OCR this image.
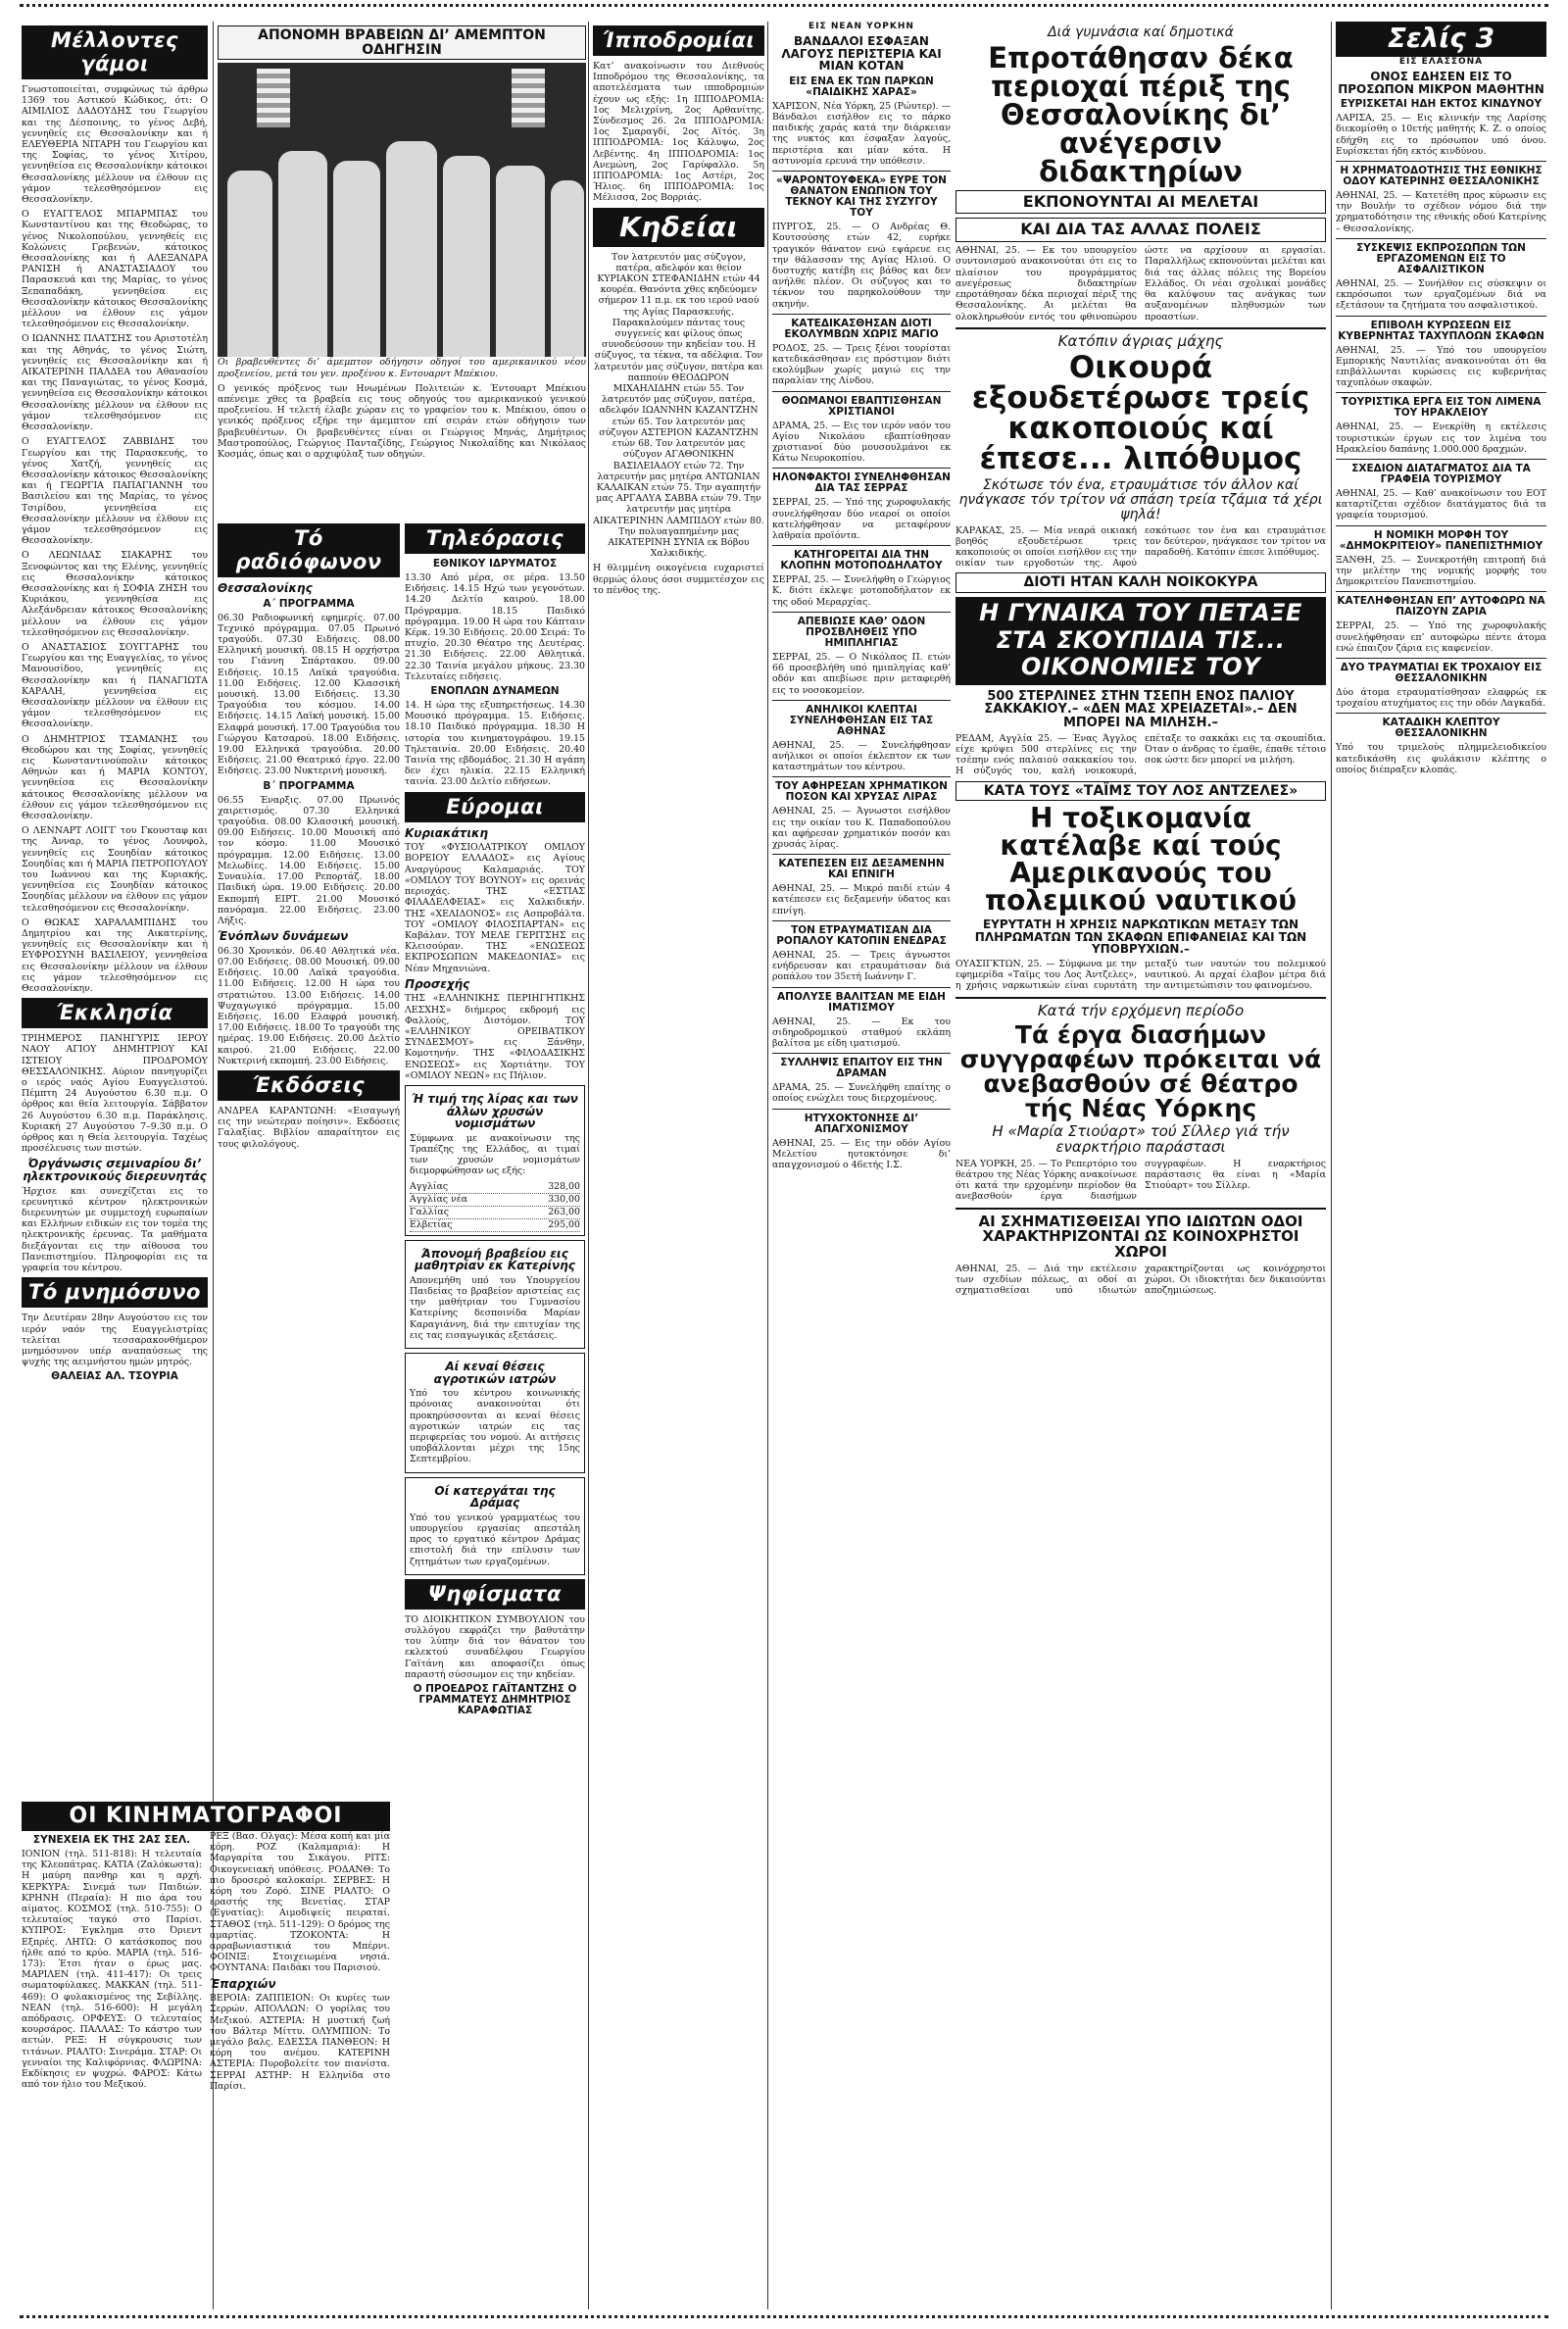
Μέλλοντες γάμοι

Γνωστοποιείται, συμφώνως τώ άρθρω 1369 του Αστικού Κώδικος, ότι: Ο ΑΙΜΙΛΙΟΣ ΔΑΔΟΥΔΗΣ του Γεωργίου και της Δέσποινης, το γένος Δεβή, γεννηθείς εις Θεσσαλονίκην και ή ΕΛΕΥΘΕΡΙΑ ΝΙΤΑΡΗ του Γεωργίου και της Σοφίας, το γένος Χιτίρου, γεννηθείσα εις Θεσσαλονίκην κάτοικοι Θεσσαλονίκης μέλλουν να έλθουν εις γάμον τελεσθησόμενον εις Θεσσαλονίκην.

Ο ΕΥΑΓΓΕΛΟΣ ΜΠΑΡΜΠΑΣ του Κωνσταντίνου και της Θεοδώρας, το γένος Νικολοπούλου, γεννηθείς εις Κολώνεις Γρεβενών, κάτοικος Θεσσαλονίκης και ή ΑΛΕΞΑΝΔΡΑ ΡΑΝΙΣΗ ή ΑΝΑΣΤΑΣΙΑΔΟΥ του Παρασκευά και της Μαρίας, το γένος Ξεπαπαδάκη, γεννηθείσα εις Θεσσαλονίκην κάτοικος Θεσσαλονίκης μέλλουν να έλθουν εις γάμον τελεσθησόμενον εις Θεσσαλονίκην.

Ο ΙΩΑΝΝΗΣ ΠΛΑΤΣΗΣ του Αριστοτέλη και της Αθηνάς, το γένος Σιώτη, γεννηθείς εις Θεσσαλονίκην και ή ΑΙΚΑΤΕΡΙΝΗ ΠΑΛΔΕΑ του Αθανασίου και της Παναγιώτας, το γένος Κοσμά, γεννηθείσα εις Θεσσαλονίκην κάτοικοι Θεσσαλονίκης μέλλουν να έλθουν εις γάμον τελεσθησόμενον εις Θεσσαλονίκην.

Ο ΕΥΑΓΓΕΛΟΣ ΖΑΒΒΙΔΗΣ του Γεωργίου και της Παρασκευής, το γένος Χατζή, γεννηθείς εις Θεσσαλονίκην κάτοικος Θεσσαλονίκης και ή ΓΕΩΡΓΙΑ ΠΑΠΑΓΙΑΝΝΗ του Βασιλείου και της Μαρίας, το γένος Τσιρίδου, γεννηθείσα εις Θεσσαλονίκην μέλλουν να έλθουν εις γάμον τελεσθησόμενον εις Θεσσαλονίκην.

Ο ΛΕΩΝΙΔΑΣ ΣΙΑΚΑΡΗΣ του Ξενοφώντος και της Ελένης, γεννηθείς εις Θεσσαλονίκην κάτοικος Θεσσαλονίκης και ή ΣΟΦΙΑ ΖΗΣΗ του Κυριάκου, γεννηθείσα εις Αλεξάνδρειαν κάτοικος Θεσσαλονίκης μέλλουν να έλθουν εις γάμον τελεσθησόμενον εις Θεσσαλονίκην.

Ο ΑΝΑΣΤΑΣΙΟΣ ΣΟΥΓΓΑΡΗΣ του Γεωργίου και της Ευαγγελίας, το γένος Μανουσίδου, γεννηθείς εις Θεσσαλονίκην και ή ΠΑΝΑΓΙΩΤΑ ΚΑΡΑΛΗ, γεννηθείσα εις Θεσσαλονίκην μέλλουν να έλθουν εις γάμον τελεσθησόμενον εις Θεσσαλονίκην.

Ο ΔΗΜΗΤΡΙΟΣ ΤΣΑΜΑΝΗΣ του Θεοδώρου και της Σοφίας, γεννηθείς εις Κωνσταντινούπολιν κάτοικος Αθηνών και ή ΜΑΡΙΑ ΚΟΝΤΟΥ, γεννηθείσα εις Θεσσαλονίκην κάτοικος Θεσσαλονίκης μέλλουν να έλθουν εις γάμον τελεσθησόμενον εις Θεσσαλονίκην.

Ο ΛΕΝΝΑΡΤ ΛΟΙΓΓ του Γκουσταφ και της Άνναρ, το γένος Λουνφολ, γεννηθείς εις Σουηδίαν κάτοικος Σουηδίας και ή ΜΑΡΙΑ ΠΕΤΡΟΠΟΥΛΟΥ του Ιωάννου και της Κυριακής, γεννηθείσα εις Σουηδίαν κάτοικος Σουηδίας μέλλουν να έλθουν εις γάμον τελεσθησόμενον εις Θεσσαλονίκην.

Ο ΘΩΚΑΣ ΧΑΡΑΛΑΜΠΙΔΗΣ του Δημητρίου και της Αικατερίνης, γεννηθείς εις Θεσσαλονίκην και ή ΕΥΦΡΟΣΥΝΗ ΒΑΣΙΛΕΙΟΥ, γεννηθείσα εις Θεσσαλονίκην μέλλουν να έλθουν εις γάμον τελεσθησόμενον εις Θεσσαλονίκην.

Έκκλησία

ΤΡΙΗΜΕΡΟΣ ΠΑΝΗΓΥΡΙΣ ΙΕΡΟΥ ΝΑΟΥ ΑΓΙΟΥ ΔΗΜΗΤΡΙΟΥ ΚΑΙ ΙΣΤΕΙΟΥ ΠΡΟΔΡΟΜΟΥ ΘΕΣΣΑΛΟΝΙΚΗΣ. Αύριον πανηγυρίζει ο ιερός ναός Αγίου Ευαγγελιστού. Πέμπτη 24 Αυγούστου 6.30 π.μ. Ο όρθρος και θεία λειτουργία. Σάββατον 26 Αυγούστου 6.30 π.μ. Παράκλησις. Κυριακή 27 Αυγούστου 7–9.30 π.μ. Ο όρθρος και η Θεία λειτουργία. Ταχέως προσέλευσις των πιστών.

Όργάνωσις σεμιναρίου δι’ ηλεκτρονικούς διερευνητάς

Ήρχισε και συνεχίζεται εις το ερευνητικό κέντρον ηλεκτρονικών διερευνητών με συμμετοχή ευρωπαίων και Ελλήνων ειδικών εις τον τομέα της ηλεκτρονικής έρευνας. Τα μαθήματα διεξάγονται εις την αίθουσα του Πανεπιστημίου. Πληροφορίαι εις τα γραφεία του κέντρου.

Τό μνημόσυνο

Την Δευτέραν 28ην Αυγούστου εις τον ιερόν ναόν της Ευαγγελιστρίας τελείται τεσσαρακονθήμερον μνημόσυνον υπέρ αναπαύσεως της ψυχής της αειμνήστου ημών μητρός.

ΘΑΛΕΙΑΣ ΑΛ. ΤΣΟΥΡΙΑ
ΟΙ ΚΙΝΗΜΑΤΟΓΡΑΦΟΙ
ΣΥΝΕΧΕΙΑ ΕΚ ΤΗΣ 2ΑΣ ΣΕΛ.

ΙΟΝΙΟΝ (τηλ. 511-818): Η τελευταία της Κλεοπάτρας. ΚΑΤΙΑ (Ζαλόκωστα): Η μαύρη πανθηρ και η αρχή. ΚΕΡΚΥΡΑ: Σινεμά των Παιδιών. ΚΡΗΝΗ (Περαία): Η πιο άρα του αίματος. ΚΟΣΜΟΣ (τηλ. 510-755): Ο τελευταίος ταγκό στο Παρίσι. ΚΥΠΡΟΣ: Έγκλημα στο Όριεντ Εξπρές. ΛΗΤΩ: Ο κατάσκοπος που ήλθε από το κρύο. ΜΑΡΙΑ (τηλ. 516-173): Έτσι ήταν ο έρως μας. ΜΑΡΙΛΕΝ (τηλ. 411-417): Οι τρεις σωματοφύλακες. ΜΑΚΚΑΝ (τηλ. 511-469): Ο φυλακισμένος της Σεβίλλης. ΝΕΑΝ (τηλ. 516-600): Η μεγάλη απόδρασις. ΟΡΦΕΥΣ: Ο τελευταίος κουρσάρος. ΠΑΛΛΑΣ: Το κάστρο των αετών. ΡΕΞ: Η σύγκρουσις των τιτάνων. ΡΙΑΛΤΟ: Σινεράμα. ΣΤΑΡ: Οι γενναίοι της Καλιφόρνιας. ΦΛΩΡΙΝΑ: Εκδίκησις εν ψυχρώ. ΦΑΡΟΣ: Κάτω από τον ήλιο του Μεξικού.

ΡΕΞ (Βασ. Ολγας): Μέσα κοπή και μία κόρη. ΡΟΖ (Καλαμαριά): Η Μαργαρίτα του Σικάγου. ΡΙΤΣ: Οικογενειακή υπόθεσις. ΡΟΔΑΝΘ: Το πιο δροσερό καλοκαίρι. ΣΕΡΒΕΣ: Η κόρη του Ζορό. ΣΙΝΕ ΡΙΑΛΤΟ: Ο εραστής της Βενετίας. ΣΤΑΡ (Εγνατίας): Αιμοδιψείς πειραταί. ΣΤΑΘΟΣ (τηλ. 511-129): Ο δρόμος της αμαρτίας. ΤΖΟΚΟΝΤΑ: Η αρραβωνιαστικιά του Μπέρνι. ΦΟΙΝΙΞ: Στοιχειωμένα νησιά. ΦΟΥΝΤΑΝΑ: Παιδάκι του Παρισιού.

Έπαρχιών

ΒΕΡΟΙΑ: ΖΑΠΠΕΙΟΝ: Οι κυρίες των Σερρών. ΑΠΟΛΛΩΝ: Ο γορίλας του Μεξικού. ΑΣΤΕΡΙΑ: Η μυστική ζωή του Βάλτερ Μίττυ. ΟΛΥΜΠΙΟΝ: Το μεγάλο βαλς. ΕΔΕΣΣΑ ΠΑΝΘΕΟΝ: Η κόρη του ανέμου. ΚΑΤΕΡΙΝΗ ΑΣΤΕΡΙΑ: Πυροβολείτε τον πιανίστα. ΣΕΡΡΑΙ ΑΣΤΗΡ: Η Ελληνίδα στο Παρίσι.

ΑΠΟΝΟΜΗ ΒΡΑΒΕΙΩΝ ΔΙ’ ΑΜΕΜΠΤΟΝ ΟΔΗΓΗΣΙΝ

Οι βραβευθέντες δι’ άμεμπτον οδήγησιν οδηγοί του αμερικανικού νέου προξενείου, μετά του γεν. προξένου κ. Εντουαρντ Μπέκιου.

Ο γενικός πρόξενος των Ηνωμένων Πολιτειών κ. Έντουαρτ Μπέκιου απένειμε χθες τα βραβεία εις τους οδηγούς του αμερικανικού γενικού προξενείου. Η τελετή έλαβε χώραν εις το γραφείον του κ. Μπέκιου, όπου ο γενικός πρόξενος εξήρε την άμεμπτον επί σειράν ετών οδήγησιν των βραβευθέντων. Οι βραβευθέντες είναι οι Γεώργιος Μηνάς, Δημήτριος Μαστροπούλος, Γεώργιος Πανταζίδης, Γεώργιος Νικολαΐδης και Νικόλαος Κοσμάς, όπως και ο αρχιφύλαξ των οδηγών.

Τό ραδιόφωνον
Θεσσαλονίκης
Α΄ ΠΡΟΓΡΑΜΜΑ

06.30 Ραδιοφωνική εφημερίς. 07.00 Τεχνικό πρόγραμμα. 07.05 Πρωινό τραγούδι. 07.30 Ειδήσεις. 08.00 Ελληνική μουσική. 08.15 Η ορχήστρα του Γιάννη Σπάρτακου. 09.00 Ειδήσεις. 10.15 Λαϊκά τραγούδια. 11.00 Ειδήσεις. 12.00 Κλασσική μουσική. 13.00 Ειδήσεις. 13.30 Τραγούδια του κόσμου. 14.00 Ειδήσεις. 14.15 Λαϊκή μουσική. 15.00 Ελαφρά μουσική. 17.00 Τραγούδια του Γιώργου Κατσαρού. 18.00 Ειδήσεις. 19.00 Ελληνικά τραγούδια. 20.00 Ειδήσεις. 21.00 Θεατρικό έργο. 22.00 Ειδήσεις. 23.00 Νυκτερινή μουσική.

Β΄ ΠΡΟΓΡΑΜΜΑ

06.55 Έναρξις. 07.00 Πρωινός χαιρετισμός. 07.30 Ελληνικά τραγούδια. 08.00 Κλασσική μουσική. 09.00 Ειδήσεις. 10.00 Μουσική από τον κόσμο. 11.00 Μουσικό πρόγραμμα. 12.00 Ειδήσεις. 13.00 Μελωδίες. 14.00 Ειδήσεις. 15.00 Συναυλία. 17.00 Ρεπορτάζ. 18.00 Παιδική ώρα. 19.00 Ειδήσεις. 20.00 Εκπομπή ΕΙΡΤ. 21.00 Μουσικό πανόραμα. 22.00 Ειδήσεις. 23.00 Λήξις.

Ένόπλων δυνάμεων

06.30 Χρονικόν. 06.40 Αθλητικά νέα. 07.00 Ειδήσεις. 08.00 Μουσική. 09.00 Ειδήσεις. 10.00 Λαϊκά τραγούδια. 11.00 Ειδήσεις. 12.00 Η ώρα του στρατιώτου. 13.00 Ειδήσεις. 14.00 Ψυχαγωγικό πρόγραμμα. 15.00 Ειδήσεις. 16.00 Ελαφρά μουσική. 17.00 Ειδήσεις. 18.00 Το τραγούδι της ημέρας. 19.00 Ειδήσεις. 20.00 Δελτίο καιρού. 21.00 Ειδήσεις. 22.00 Νυκτερινή εκπομπή. 23.00 Ειδήσεις.

Έκδόσεις

ΑΝΔΡΕΑ ΚΑΡΑΝΤΩΝΗ: «Εισαγωγή εις την νεώτεραν ποίησιν». Εκδόσεις Γαλαξίας. Βιβλίον απαραίτητον εις τους φιλολόγους.

Τηλεόρασις
ΕΘΝΙΚΟΥ ΙΔΡΥΜΑΤΟΣ

13.30 Από μέρα, σε μέρα. 13.50 Ειδήσεις. 14.15 Ηχώ των γεγονότων. 14.20 Δελτίο καιρού. 18.00 Πρόγραμμα. 18.15 Παιδικό πρόγραμμα. 19.00 Η ώρα του Κάπταιν Κέρκ. 19.30 Ειδήσεις. 20.00 Σειρά: Το πτυχίο. 20.30 Θέατρο της Δευτέρας. 21.30 Ειδήσεις. 22.00 Αθλητικά. 22.30 Ταινία μεγάλου μήκους. 23.30 Τελευταίες ειδήσεις.

ΕΝΟΠΛΩΝ ΔΥΝΑΜΕΩΝ

14. Η ώρα της εξυπηρετήσεως. 14.30 Μουσικό πρόγραμμα. 15. Ειδήσεις. 18.10 Παιδικό πρόγραμμα. 18.30 Η ιστορία του κινηματογράφου. 19.15 Τηλεταινία. 20.00 Ειδήσεις. 20.40 Ταινία της εβδομάδος. 21.30 Η αγάπη δεν έχει ηλικία. 22.15 Ελληνική ταινία. 23.00 Δελτίο ειδήσεων.

Εύρομαι
Κυριακάτικη

ΤΟΥ «ΦΥΣΙΟΛΑΤΡΙΚΟΥ ΟΜΙΛΟΥ ΒΟΡΕΙΟΥ ΕΛΛΑΔΟΣ» εις Αγίους Αναργύρους Καλαμαριάς. ΤΟΥ «ΟΜΙΛΟΥ ΤΟΥ ΒΟΥΝΟΥ» εις ορεινάς περιοχάς. ΤΗΣ «ΕΣΤΙΑΣ ΦΙΛΑΔΕΛΦΕΙΑΣ» εις Χαλκιδικήν. ΤΗΣ «ΧΕΛΙΔΟΝΟΣ» εις Ασπροβάλτα. ΤΟΥ «ΟΜΙΛΟΥ ΦΙΛΟΣΠΑΡΤΑΝ» εις Καβάλαν. ΤΟΥ ΜΕΛΕ ΓΕΡΙΤΣΗΣ εις Κλεισούραν. ΤΗΣ «ΕΝΩΣΕΩΣ ΕΚΠΡΟΣΩΠΩΝ ΜΑΚΕΔΟΝΙΑΣ» εις Νέαν Μηχανιώνα.

Προσεχής

ΤΗΣ «ΕΛΛΗΝΙΚΗΣ ΠΕΡΙΗΓΗΤΙΚΗΣ ΛΕΣΧΗΣ» διήμερος εκδρομή εις Φαλλούς, Διστόμον. ΤΟΥ «ΕΛΛΗΝΙΚΟΥ ΟΡΕΙΒΑΤΙΚΟΥ ΣΥΝΔΕΣΜΟΥ» εις Ξάνθην, Κομοτηνήν. ΤΗΣ «ΦΙΛΟΔΑΣΙΚΗΣ ΕΝΩΣΕΩΣ» εις Χορτιάτην. ΤΟΥ «ΟΜΙΛΟΥ ΝΕΩΝ» εις Πήλιον.

Ή τιμή της λίρας και των άλλων χρυσών νομισμάτων

Σύμφωνα με ανακοίνωσιν της Τραπέζης της Ελλάδος, αι τιμαί των χρυσών νομισμάτων διεμορφώθησαν ως εξής:

Αγγλίας	328,00
Αγγλίας νέα	330,00
Γαλλίας	263,00
Ελβετίας	295,00
Άπονομή βραβείου εις μαθητρίαν εκ Κατερίνης

Απονεμήθη υπό του Υπουργείου Παιδείας το βραβείον αριστείας εις την μαθήτριαν του Γυμνασίου Κατερίνης δεσποινίδα Μαρίαν Καραγιάννη, διά την επιτυχίαν της εις τας εισαγωγικάς εξετάσεις.

Αί κεναί θέσεις αγροτικών ιατρών

Υπό του κέντρου κοινωνικής πρόνοιας ανακοινούται ότι προκηρύσσονται αι κεναί θέσεις αγροτικών ιατρών εις τας περιφερείας του νομού. Αι αιτήσεις υποβάλλονται μέχρι της 15ης Σεπτεμβρίου.

Οί κατεργάται της Δράμας

Υπό του γενικού γραμματέως του υπουργείου εργασίας απεστάλη προς το εργατικό κέντρον Δράμας επιστολή διά την επίλυσιν των ζητημάτων των εργαζομένων.

Ψηφίσματα

ΤΟ ΔΙΟΙΚΗΤΙΚΟΝ ΣΥΜΒΟΥΛΙΟΝ του συλλόγου εκφράζει την βαθυτάτην του λύπην διά τον θάνατον του εκλεκτού συναδέλφου Γεωργίου Γαϊτάνη και αποφασίζει όπως παραστή σύσσωμον εις την κηδείαν.

Ο ΠΡΟΕΔΡΟΣ ΓΑΪΤΑΝΤΖΗΣ Ο ΓΡΑΜΜΑΤΕΥΣ ΔΗΜΗΤΡΙΟΣ ΚΑΡΑΦΩΤΙΑΣ
Ίπποδρομίαι

Κατ’ ανακοίνωσιν του Διεθνούς Ιπποδρόμου της Θεσσαλονίκης, τα αποτελέσματα των ιπποδρομιών έχουν ως εξής: 1η ΙΠΠΟΔΡΟΜΙΑ: 1ος Μελιχρίνη, 2ος Αρθανίτης. Σύνδεσμος 26. 2α ΙΠΠΟΔΡΟΜΙΑ: 1ος Σμαραγδί, 2ος Αϊτός. 3η ΙΠΠΟΔΡΟΜΙΑ: 1ος Κάλυψω, 2ος Λεβέντης. 4η ΙΠΠΟΔΡΟΜΙΑ: 1ος Ανεμώνη, 2ος Γαρύφαλλο. 5η ΙΠΠΟΔΡΟΜΙΑ: 1ος Αστέρι, 2ος Ήλιος. 6η ΙΠΠΟΔΡΟΜΙΑ: 1ος Μέλισσα, 2ος Βορριάς.

Κηδείαι

Τον λατρευτόν μας σύζυγον, πατέρα, αδελφόν και θείον ΚΥΡΙΑΚΟΝ ΣΤΕΦΑΝΙΔΗΝ ετών 44 κουρέα. Θανόντα χθες κηδεύομεν σήμερον 11 π.μ. εκ του ιερού ναού της Αγίας Παρασκευής. Παρακαλούμεν πάντας τους συγγενείς και φίλους όπως συνοδεύσουν την κηδείαν του. Η σύζυγος, τα τέκνα, τα αδέλφια. Τον λατρευτόν μας σύζυγον, πατέρα και παππούν ΘΕΟΔΩΡΟΝ ΜΙΧΑΗΛΙΔΗΝ ετών 55. Τον λατρευτόν μας σύζυγον, πατέρα, αδελφόν ΙΩΑΝΝΗΝ ΚΑΖΑΝΤΖΗΝ ετών 65. Τον λατρευτόν μας σύζυγον ΑΣΤΕΡΙΟΝ ΚΑΖΑΝΤΖΗΝ ετών 68. Τον λατρευτόν μας σύζυγον ΑΓΑΘΟΝΙΚΗΝ ΒΑΣΙΛΕΙΑΔΟΥ ετών 72. Την λατρευτήν μας μητέρα ΑΝΤΩΝΙΑΝ ΚΑΛΑΙΚΑΝ ετών 75. Την αγαπητήν μας ΑΡΓΑΛΥΑ ΣΑΒΒΑ ετών 79. Την λατρευτήν μας μητέρα ΑΙΚΑΤΕΡΙΝΗΝ ΛΑΜΠΙΔΟΥ ετών 80. Την πολυαγαπημένην μας ΑΙΚΑΤΕΡΙΝΗ ΣΥΝΙΑ εκ Βόβου Χαλκιδικής.

Η θλιμμένη οικογένεια ευχαριστεί θερμώς όλους όσοι συμμετέσχον εις το πένθος της.

ΕΙΣ ΝΕΑΝ ΥΟΡΚΗΝ
ΒΑΝΔΑΛΟΙ ΕΣΦΑΞΑΝ ΛΑΓΟΥΣ ΠΕΡΙΣΤΕΡΙΑ ΚΑΙ ΜΙΑΝ ΚΟΤΑΝ
ΕΙΣ ΕΝΑ ΕΚ ΤΩΝ ΠΑΡΚΩΝ «ΠΑΙΔΙΚΗΣ ΧΑΡΑΣ»

ΧΑΡΙΣΟΝ, Νέα Υόρκη, 25 (Ρώυτερ). — Βάνδαλοι εισήλθον εις το πάρκο παιδικής χαράς κατά την διάρκειαν της νυκτός και έσφαξαν λαγούς, περιστέρια και μίαν κότα. Η αστυνομία ερευνά την υπόθεσιν.

«ΨΑΡΟΝΤΟΥΦΕΚΑ» ΕΥΡΕ ΤΟΝ ΘΑΝΑΤΟΝ ΕΝΩΠΙΟΝ ΤΟΥ ΤΕΚΝΟΥ ΚΑΙ ΤΗΣ ΣΥΖΥΓΟΥ ΤΟΥ

ΠΥΡΓΟΣ, 25. — Ο Ανδρέας Θ. Κουτσούσης ετών 42, ευρήκε τραγικόν θάνατον ενώ εψάρευε εις την θάλασσαν της Αγίας Ηλιού. Ο δυστυχής κατέβη εις βάθος και δεν ανήλθε πλέον. Οι σύζυγος και το τέκνον του παρηκολούθουν την σκηνήν.

ΚΑΤΕΔΙΚΑΣΘΗΣΑΝ ΔΙΟΤΙ ΕΚΟΛΥΜΒΩΝ ΧΩΡΙΣ ΜΑΓΙΟ

ΡΟΔΟΣ, 25. — Τρεις ξένοι τουρίσται κατεδικάσθησαν εις πρόστιμον διότι εκολύμβων χωρίς μαγιώ εις την παραλίαν της Λίνδου.

ΘΟΩΜΑΝΟΙ ΕΒΑΠΤΙΣΘΗΣΑΝ ΧΡΙΣΤΙΑΝΟΙ

ΔΡΑΜΑ, 25. — Εις τον ιερόν ναόν του Αγίου Νικολάου εβαπτίσθησαν χριστιανοί δύο μουσουλμάνοι εκ Κάτω Νευροκοπίου.

ΗΛΟΝΦΑΚΤΟΙ ΣΥΝΕΛΗΦΘΗΣΑΝ ΔΙΑ ΤΑΣ ΣΕΡΡΑΣ

ΣΕΡΡΑΙ, 25. — Υπό της χωροφυλακής συνελήφθησαν δύο νεαροί οι οποίοι κατελήφθησαν να μεταφέρουν λαθραία προϊόντα.

ΚΑΤΗΓΟΡΕΙΤΑΙ ΔΙΑ ΤΗΝ ΚΛΟΠΗΝ ΜΟΤΟΠΟΔΗΛΑΤΟΥ

ΣΕΡΡΑΙ, 25. — Συνελήφθη ο Γεώργιος Κ. διότι έκλεψε μοτοποδήλατον εκ της οδού Μεραρχίας.

ΑΠΕΒΙΩΣΕ ΚΑΘ’ ΟΔΟΝ ΠΡΟΣΒΛΗΘΕΙΣ ΥΠΟ ΗΜΙΠΛΗΓΙΑΣ

ΣΕΡΡΑΙ, 25. — Ο Νικόλαος Π. ετών 66 προσεβλήθη υπό ημιπληγίας καθ’ οδόν και απεβίωσε πριν μεταφερθή εις το νοσοκομείον.

ΑΝΗΛΙΚΟΙ ΚΛΕΠΤΑΙ ΣΥΝΕΛΗΦΘΗΣΑΝ ΕΙΣ ΤΑΣ ΑΘΗΝΑΣ

ΑΘΗΝΑΙ, 25. — Συνελήφθησαν ανήλικοι οι οποίοι έκλεπτον εκ των καταστημάτων του κέντρου.

ΤΟΥ ΑΦΗΡΕΣΑΝ ΧΡΗΜΑΤΙΚΟΝ ΠΟΣΟΝ ΚΑΙ ΧΡΥΣΑΣ ΛΙΡΑΣ

ΑΘΗΝΑΙ, 25. — Άγνωστοι εισήλθον εις την οικίαν του Κ. Παπαδοπούλου και αφήρεσαν χρηματικόν ποσόν και χρυσάς λίρας.

ΚΑΤΕΠΕΣΕΝ ΕΙΣ ΔΕΞΑΜΕΝΗΝ ΚΑΙ ΕΠΝΙΓΗ

ΑΘΗΝΑΙ, 25. — Μικρό παιδί ετών 4 κατέπεσεν εις δεξαμενήν ύδατος και επνίγη.

ΤΟΝ ΕΤΡΑΥΜΑΤΙΣΑΝ ΔΙΑ ΡΟΠΑΛΟΥ ΚΑΤΟΠΙΝ ΕΝΕΔΡΑΣ

ΑΘΗΝΑΙ, 25. — Τρεις άγνωστοι ενήδρευσαν και ετραυμάτισαν διά ροπάλου τον 35ετή Ιωάννην Γ.

ΑΠΟΛΥΣΕ ΒΑΛΙΤΣΑΝ ΜΕ ΕΙΔΗ ΙΜΑΤΙΣΜΟΥ

ΑΘΗΝΑΙ, 25. — Εκ του σιδηροδρομικού σταθμού εκλάπη βαλίτσα με είδη ιματισμού.

ΣΥΛΛΗΨΙΣ ΕΠΑΙΤΟΥ ΕΙΣ ΤΗΝ ΔΡΑΜΑΝ

ΔΡΑΜΑ, 25. — Συνελήφθη επαίτης ο οποίος ενώχλει τους διερχομένους.

ΗΤΥΧΟΚΤΟΝΗΣΕ ΔΙ’ ΑΠΑΓΧΟΝΙΣΜΟΥ

ΑΘΗΝΑΙ, 25. — Εις την οδόν Αγίου Μελετίου ηυτοκτόνησε δι’ απαγχονισμού ο 46ετής Ι.Σ.

Διά γυμνάσια καί δημοτικά
Επροτάθησαν δέκα περιοχαί πέριξ της Θεσσαλονίκης δι’ ανέγερσιν διδακτηρίων
ΕΚΠΟΝΟΥΝΤΑΙ ΑΙ ΜΕΛΕΤΑΙ
ΚΑΙ ΔΙΑ ΤΑΣ ΑΛΛΑΣ ΠΟΛΕΙΣ

ΑΘΗΝΑΙ, 25. — Εκ του υπουργείου συντονισμού ανακοινούται ότι εις το πλαίσιον του προγράμματος ανεγέρσεως διδακτηρίων επροτάθησαν δέκα περιοχαί πέριξ της Θεσσαλονίκης. Αι μελέται θα ολοκληρωθούν εντός του φθινοπώρου ώστε να αρχίσουν αι εργασίαι. Παραλλήλως εκπονούνται μελέται και διά τας άλλας πόλεις της Βορείου Ελλάδος. Οι νέαι σχολικαί μονάδες θα καλύψουν τας ανάγκας των αυξανομένων πληθυσμών των προαστίων.

Κατόπιν άγριας μάχης
Οικουρά εξουδετέρωσε τρείς κακοποιούς καί έπεσε... λιπόθυμος
Σκότωσε τόν ένα, ετραυμάτισε τόν άλλον καί ηνάγκασε τόν τρίτον νά σπάση τρεία τζάμια τά χέρι ψηλά!

ΚΑΡΑΚΑΣ, 25. — Μία νεαρά οικιακή βοηθός εξουδετέρωσε τρεις κακοποιούς οι οποίοι εισήλθον εις την οικίαν των εργοδοτών της. Αφού εσκότωσε τον ένα και ετραυμάτισε τον δεύτερον, ηνάγκασε τον τρίτον να παραδοθή. Κατόπιν έπεσε λιπόθυμος.

ΔΙΟΤΙ ΗΤΑΝ ΚΑΛΗ ΝΟΙΚΟΚΥΡΑ
Η ΓΥΝΑΙΚΑ ΤΟΥ ΠΕΤΑΞΕ ΣΤΑ ΣΚΟΥΠΙΔΙΑ ΤΙΣ... ΟΙΚΟΝΟΜΙΕΣ ΤΟΥ
500 ΣΤΕΡΛΙΝΕΣ ΣΤΗΝ ΤΣΕΠΗ ΕΝΟΣ ΠΑΛΙΟΥ ΣΑΚΚΑΚΙΟΥ.– «ΔΕΝ ΜΑΣ ΧΡΕΙΑΖΕΤΑΙ».– ΔΕΝ ΜΠΟΡΕΙ ΝΑ ΜΙΛΗΣΗ.–

ΡΕΔΑΜ, Αγγλία 25. — Ένας Άγγλος είχε κρύψει 500 στερλίνες εις την τσέπην ενός παλαιού σακκακίου του. Η σύζυγός του, καλή νοικοκυρά, επέταξε το σακκάκι εις τα σκουπίδια. Όταν ο άνδρας το έμαθε, έπαθε τέτοιο σοκ ώστε δεν μπορεί να μιλήση.

ΚΑΤΑ ΤΟΥΣ «ΤΑΪΜΣ ΤΟΥ ΛΟΣ ΑΝΤΖΕΛΕΣ»
Η τοξικομανία κατέλαβε καί τούς Αμερικανούς του πολεμικού ναυτικού
ΕΥΡΥΤΑΤΗ Η ΧΡΗΣΙΣ ΝΑΡΚΩΤΙΚΩΝ ΜΕΤΑΞΥ ΤΩΝ ΠΛΗΡΩΜΑΤΩΝ ΤΩΝ ΣΚΑΦΩΝ ΕΠΙΦΑΝΕΙΑΣ ΚΑΙ ΤΩΝ ΥΠΟΒΡΥΧΙΩΝ.–

ΟΥΑΣΙΓΚΤΩΝ, 25. — Σύμφωνα με την εφημερίδα «Ταϊμς του Λος Άντζελες», η χρήσις ναρκωτικών είναι ευρυτάτη μεταξύ των ναυτών του πολεμικού ναυτικού. Αι αρχαί έλαβον μέτρα διά την αντιμετώπισιν του φαινομένου.

Κατά τήν ερχόμενη περίοδο
Τά έργα διασήμων συγγραφέων πρόκειται νά ανεβασθούν σέ θέατρο τής Νέας Υόρκης
Η «Μαρία Στιούαρτ» τού Σίλλερ γιά τήν εναρκτήριο παράστασι

ΝΕΑ ΥΟΡΚΗ, 25. — Το Ρεπερτόριο του θεάτρου της Νέας Υόρκης ανακοίνωσε ότι κατά την ερχομένην περίοδον θα ανεβασθούν έργα διασήμων συγγραφέων. Η εναρκτήριος παράστασις θα είναι η «Μαρία Στιούαρτ» του Σίλλερ.

ΑΙ ΣΧΗΜΑΤΙΣΘΕΙΣΑΙ ΥΠΟ ΙΔΙΩΤΩΝ ΟΔΟΙ ΧΑΡΑΚΤΗΡΙΖΟΝΤΑΙ ΩΣ ΚΟΙΝΟΧΡΗΣΤΟΙ ΧΩΡΟΙ

ΑΘΗΝΑΙ, 25. — Διά την εκτέλεσιν των σχεδίων πόλεως, αι οδοί αι σχηματισθείσαι υπό ιδιωτών χαρακτηρίζονται ως κοινόχρηστοι χώροι. Οι ιδιοκτήται δεν δικαιούνται αποζημιώσεως.

Σελίς 3
ΕΙΣ ΕΛΑΣΣΟΝΑ
ΟΝΟΣ ΕΔΗΣΕΝ ΕΙΣ ΤΟ ΠΡΟΣΩΠΟΝ ΜΙΚΡΟΝ ΜΑΘΗΤΗΝ
ΕΥΡΙΣΚΕΤΑΙ ΗΔΗ ΕΚΤΟΣ ΚΙΝΔΥΝΟΥ

ΛΑΡΙΣΑ, 25. — Εις κλινικήν της Λαρίσης διεκομίσθη ο 10ετής μαθητής Κ. Ζ. ο οποίος εδήχθη εις το πρόσωπον υπό όνου. Ευρίσκεται ήδη εκτός κινδύνου.

Η ΧΡΗΜΑΤΟΔΟΤΗΣΙΣ ΤΗΣ ΕΘΝΙΚΗΣ ΟΔΟΥ ΚΑΤΕΡΙΝΗΣ ΘΕΣΣΑΛΟΝΙΚΗΣ

ΑΘΗΝΑΙ, 25. — Κατετέθη προς κύρωσιν εις την Βουλήν το σχέδιον νόμου διά την χρηματοδότησιν της εθνικής οδού Κατερίνης – Θεσσαλονίκης.

ΣΥΣΚΕΨΙΣ ΕΚΠΡΟΣΩΠΩΝ ΤΩΝ ΕΡΓΑΖΟΜΕΝΩΝ ΕΙΣ ΤΟ ΑΣΦΑΛΙΣΤΙΚΟΝ

ΑΘΗΝΑΙ, 25. — Συνήλθον εις σύσκεψιν οι εκπρόσωποι των εργαζομένων διά να εξετάσουν τα ζητήματα του ασφαλιστικού.

ΕΠΙΒΟΛΗ ΚΥΡΩΣΕΩΝ ΕΙΣ ΚΥΒΕΡΝΗΤΑΣ ΤΑΧΥΠΛΟΩΝ ΣΚΑΦΩΝ

ΑΘΗΝΑΙ, 25. — Υπό του υπουργείου Εμπορικής Ναυτιλίας ανακοινούται ότι θα επιβάλλωνται κυρώσεις εις κυβερνήτας ταχυπλόων σκαφών.

ΤΟΥΡΙΣΤΙΚΑ ΕΡΓΑ ΕΙΣ ΤΟΝ ΛΙΜΕΝΑ ΤΟΥ ΗΡΑΚΛΕΙΟΥ

ΑΘΗΝΑΙ, 25. — Ενεκρίθη η εκτέλεσις τουριστικών έργων εις τον λιμένα του Ηρακλείου δαπάνης 1.000.000 δραχμών.

ΣΧΕΔΙΟΝ ΔΙΑΤΑΓΜΑΤΟΣ ΔΙΑ ΤΑ ΓΡΑΦΕΙΑ ΤΟΥΡΙΣΜΟΥ

ΑΘΗΝΑΙ, 25. — Καθ’ ανακοίνωσιν του ΕΟΤ καταρτίζεται σχέδιον διατάγματος διά τα γραφεία τουρισμού.

Η ΝΟΜΙΚΗ ΜΟΡΦΗ ΤΟΥ «ΔΗΜΟΚΡΙΤΕΙΟΥ» ΠΑΝΕΠΙΣΤΗΜΙΟΥ

ΞΑΝΘΗ, 25. — Συνεκροτήθη επιτροπή διά την μελέτην της νομικής μορφής του Δημοκριτείου Πανεπιστημίου.

ΚΑΤΕΛΗΦΘΗΣΑΝ ΕΠ’ ΑΥΤΟΦΩΡΩ ΝΑ ΠΑΙΖΟΥΝ ΖΑΡΙΑ

ΣΕΡΡΑΙ, 25. — Υπό της χωροφυλακής συνελήφθησαν επ’ αυτοφώρω πέντε άτομα ενώ έπαιζον ζάρια εις καφενείον.

ΔΥΟ ΤΡΑΥΜΑΤΙΑΙ ΕΚ ΤΡΟΧΑΙΟΥ ΕΙΣ ΘΕΣΣΑΛΟΝΙΚΗΝ

Δύο άτομα ετραυματίσθησαν ελαφρώς εκ τροχαίου ατυχήματος εις την οδόν Λαγκαδά.

ΚΑΤΑΔΙΚΗ ΚΛΕΠΤΟΥ ΘΕΣΣΑΛΟΝΙΚΗΝ

Υπό του τριμελούς πλημμελειοδικείου κατεδικάσθη εις φυλάκισιν κλέπτης ο οποίος διέπραξεν κλοπάς.
